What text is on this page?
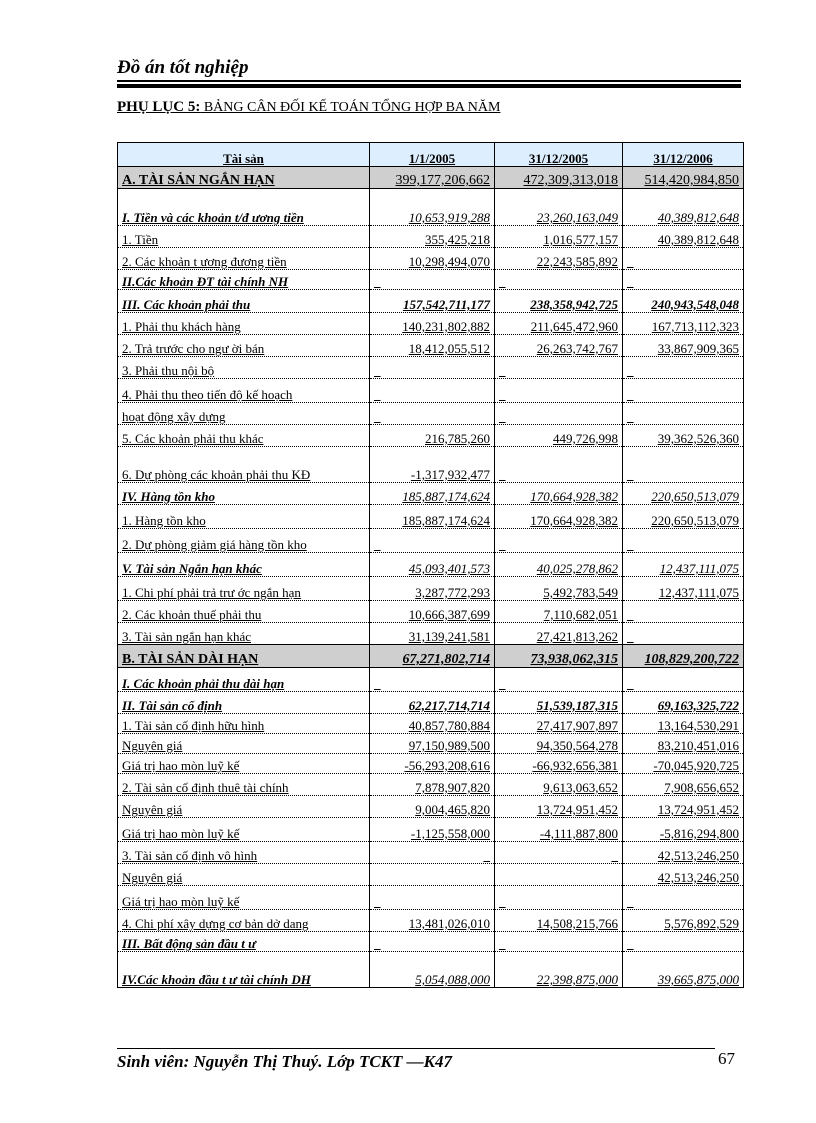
Đồ án tốt nghiệp
PHỤ LỤC 5: BẢNG CÂN ĐỐI KẾ TOÁN TỔNG HỢP BA NĂM
Tài sản	1/1/2005	31/12/2005	31/12/2006
A. TÀI SẢN NGẮN HẠN	399,177,206,662	472,309,313,018	514,420,984,850
I. Tiền và các khoản t/đ ương tiền	10,653,919,288	23,260,163,049	40,389,812,648
1. Tiền	355,425,218	1,016,577,157	40,389,812,648
2. Các khoản t ương đương tiền	10,298,494,070	22,243,585,892	_
II.Các khoản ĐT tài chính NH	_	_	_
III. Các khoản phải thu	157,542,711,177	238,358,942,725	240,943,548,048
1. Phải thu khách hàng	140,231,802,882	211,645,472,960	167,713,112,323
2. Trả trước cho ngư ời bán	18,412,055,512	26,263,742,767	33,867,909,365
3. Phải thu nội bộ	_	_	_
4. Phải thu theo tiến độ kế hoạch	_	_	_
hoạt động xây dựng	_	_	_
5. Các khoản phải thu khác	216,785,260	449,726,998	39,362,526,360
6. Dự phòng các khoản phải thu KĐ	-1,317,932,477	_	_
IV. Hàng tồn kho	185,887,174,624	170,664,928,382	220,650,513,079
1. Hàng tồn kho	185,887,174,624	170,664,928,382	220,650,513,079
2. Dự phòng giảm giá hàng tồn kho	_	_	_
V. Tài sản Ngắn hạn khác	45,093,401,573	40,025,278,862	12,437,111,075
1. Chi phí phải trả trư ớc ngắn hạn	3,287,772,293	5,492,783,549	12,437,111,075
2. Các khoản thuế phải thu	10,666,387,699	7,110,682,051	_
3. Tài sản ngắn hạn khác	31,139,241,581	27,421,813,262	_
B. TÀI SẢN DÀI HẠN	67,271,802,714	73,938,062,315	108,829,200,722
I. Các khoản phải thu dài hạn	_	_	_
II. Tài sản cố định	62,217,714,714	51,539,187,315	69,163,325,722
1. Tài sản cố định hữu hình	40,857,780,884	27,417,907,897	13,164,530,291
Nguyên giá	97,150,989,500	94,350,564,278	83,210,451,016
Giá trị hao mòn luỹ kế	-56,293,208,616	-66,932,656,381	-70,045,920,725
2. Tài sản cố định thuê tài chính	7,878,907,820	9,613,063,652	7,908,656,652
Nguyên giá	9,004,465,820	13,724,951,452	13,724,951,452
Giá trị hao mòn luỹ kế	-1,125,558,000	-4,111,887,800	-5,816,294,800
3. Tài sản cố định vô hình	_	_	42,513,246,250
Nguyên giá			42,513,246,250
Giá trị hao mòn luỹ kế	_	_	_
4. Chi phí xây dựng cơ bản dở dang	13,481,026,010	14,508,215,766	5,576,892,529
III. Bất động sản đầu t ư	_	_	_
IV.Các khoản đầu t ư tài chính DH	5,054,088,000	22,398,875,000	39,665,875,000
Sinh viên: Nguyễn Thị Thuý. Lớp TCKT —K47	67
